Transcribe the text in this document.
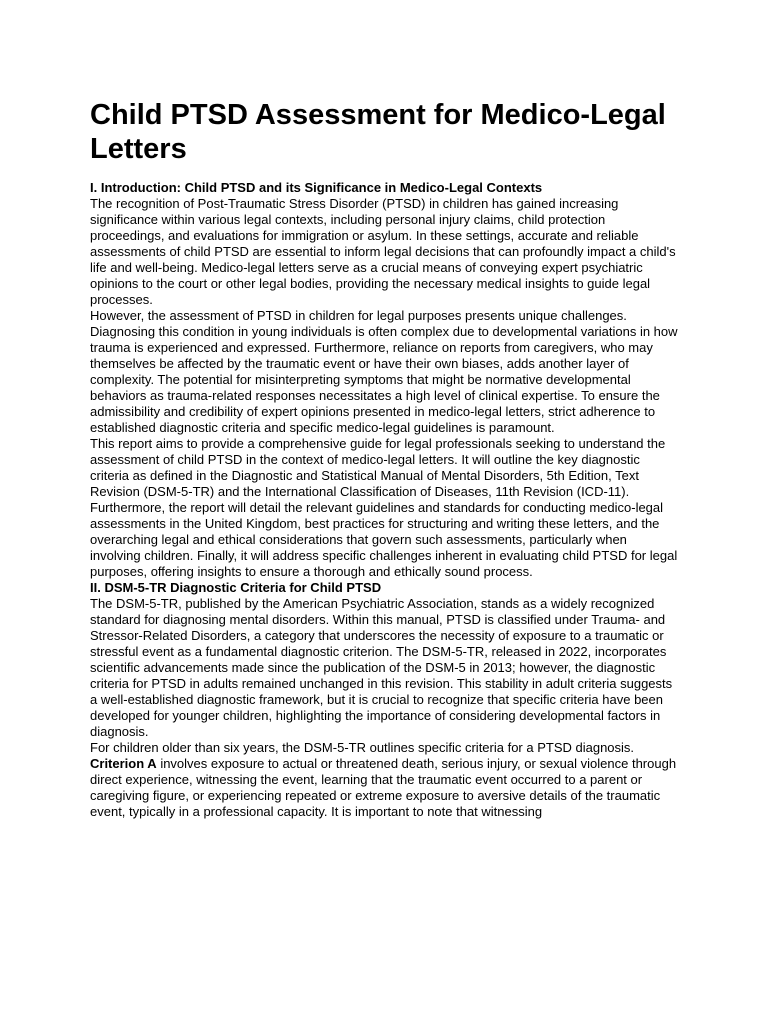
Child PTSD Assessment for Medico-Legal Letters
I. Introduction: Child PTSD and its Significance in Medico-Legal Contexts

The recognition of Post-Traumatic Stress Disorder (PTSD) in children has gained increasing significance within various legal contexts, including personal injury claims, child protection proceedings, and evaluations for immigration or asylum. In these settings, accurate and reliable assessments of child PTSD are essential to inform legal decisions that can profoundly impact a child's life and well-being. Medico-legal letters serve as a crucial means of conveying expert psychiatric opinions to the court or other legal bodies, providing the necessary medical insights to guide legal processes.

However, the assessment of PTSD in children for legal purposes presents unique challenges. Diagnosing this condition in young individuals is often complex due to developmental variations in how trauma is experienced and expressed. Furthermore, reliance on reports from caregivers, who may themselves be affected by the traumatic event or have their own biases, adds another layer of complexity. The potential for misinterpreting symptoms that might be normative developmental behaviors as trauma-related responses necessitates a high level of clinical expertise. To ensure the admissibility and credibility of expert opinions presented in medico-legal letters, strict adherence to established diagnostic criteria and specific medico-legal guidelines is paramount.

This report aims to provide a comprehensive guide for legal professionals seeking to understand the assessment of child PTSD in the context of medico-legal letters. It will outline the key diagnostic criteria as defined in the Diagnostic and Statistical Manual of Mental Disorders, 5th Edition, Text Revision (DSM-5-TR) and the International Classification of Diseases, 11th Revision (ICD-11). Furthermore, the report will detail the relevant guidelines and standards for conducting medico-legal assessments in the United Kingdom, best practices for structuring and writing these letters, and the overarching legal and ethical considerations that govern such assessments, particularly when involving children. Finally, it will address specific challenges inherent in evaluating child PTSD for legal purposes, offering insights to ensure a thorough and ethically sound process.

II. DSM-5-TR Diagnostic Criteria for Child PTSD

The DSM-5-TR, published by the American Psychiatric Association, stands as a widely recognized standard for diagnosing mental disorders. Within this manual, PTSD is classified under Trauma- and Stressor-Related Disorders, a category that underscores the necessity of exposure to a traumatic or stressful event as a fundamental diagnostic criterion. The DSM-5-TR, released in 2022, incorporates scientific advancements made since the publication of the DSM-5 in 2013; however, the diagnostic criteria for PTSD in adults remained unchanged in this revision. This stability in adult criteria suggests a well-established diagnostic framework, but it is crucial to recognize that specific criteria have been developed for younger children, highlighting the importance of considering developmental factors in diagnosis.

For children older than six years, the DSM-5-TR outlines specific criteria for a PTSD diagnosis.

Criterion A involves exposure to actual or threatened death, serious injury, or sexual violence through direct experience, witnessing the event, learning that the traumatic event occurred to a parent or caregiving figure, or experiencing repeated or extreme exposure to aversive details of the traumatic event, typically in a professional capacity. It is important to note that witnessing
